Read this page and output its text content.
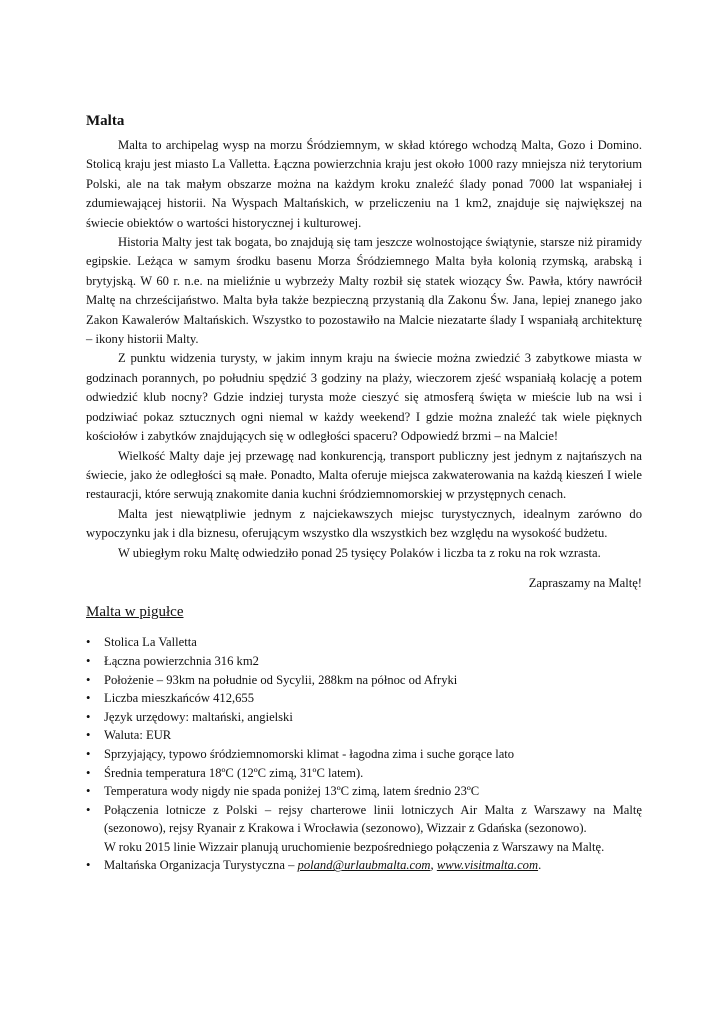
Malta

Malta to archipelag wysp na morzu Śródziemnym, w skład którego wchodzą Malta, Gozo i Domino. Stolicą kraju jest miasto La Valletta. Łączna powierzchnia kraju jest około 1000 razy mniejsza niż terytorium Polski, ale na tak małym obszarze można na każdym kroku znaleźć ślady ponad 7000 lat wspaniałej i zdumiewającej historii. Na Wyspach Maltańskich, w przeliczeniu na 1 km2, znajduje się największej na świecie obiektów o wartości historycznej i kulturowej.

Historia Malty jest tak bogata, bo znajdują się tam jeszcze wolnostojące świątynie, starsze niż piramidy egipskie. Leżąca w samym środku basenu Morza Śródziemnego Malta była kolonią rzymską, arabską i brytyjską. W 60 r. n.e. na mieliźnie u wybrzeży Malty rozbił się statek wiozący Św. Pawła, który nawrócił Maltę na chrześcijaństwo. Malta była także bezpieczną przystanią dla Zakonu Św. Jana, lepiej znanego jako Zakon Kawalerów Maltańskich. Wszystko to pozostawiło na Malcie niezatarte ślady I wspaniałą architekturę – ikony historii Malty.

Z punktu widzenia turysty, w jakim innym kraju na świecie można zwiedzić 3 zabytkowe miasta w godzinach porannych, po południu spędzić 3 godziny na plaży, wieczorem zjeść wspaniałą kolację a potem odwiedzić klub nocny? Gdzie indziej turysta może cieszyć się atmosferą święta w mieście lub na wsi i podziwiać pokaz sztucznych ogni niemal w każdy weekend? I gdzie można znaleźć tak wiele pięknych kościołów i zabytków znajdujących się w odległości spaceru? Odpowiedź brzmi – na Malcie!

Wielkość Malty daje jej przewagę nad konkurencją, transport publiczny jest jednym z najtańszych na świecie, jako że odległości są małe. Ponadto, Malta oferuje miejsca zakwaterowania na każdą kieszeń I wiele restauracji, które serwują znakomite dania kuchni śródziemnomorskiej w przystępnych cenach.

Malta jest niewątpliwie jednym z najciekawszych miejsc turystycznych, idealnym zarówno do wypoczynku jak i dla biznesu, oferującym wszystko dla wszystkich bez względu na wysokość budżetu.

W ubiegłym roku Maltę odwiedziło ponad 25 tysięcy Polaków i liczba ta z roku na rok wzrasta.

Zapraszamy na Maltę!

Malta w pigułce
• Stolica La Valletta
• Łączna powierzchnia 316 km2
• Położenie – 93km na południe od Sycylii, 288km na północ od Afryki
• Liczba mieszkańców 412,655
• Język urzędowy: maltański, angielski
• Waluta: EUR
• Sprzyjający, typowo śródziemnomorski klimat - łagodna zima i suche gorące lato
• Średnia temperatura 18ºC (12ºC zimą, 31ºC latem).
• Temperatura wody nigdy nie spada poniżej 13ºC zimą, latem średnio 23ºC
• Połączenia lotnicze z Polski – rejsy charterowe linii lotniczych Air Malta z Warszawy na Maltę (sezonowo), rejsy Ryanair z Krakowa i Wrocławia (sezonowo), Wizzair z Gdańska (sezonowo).
W roku 2015 linie Wizzair planują uruchomienie bezpośredniego połączenia z Warszawy na Maltę.
• Maltańska Organizacja Turystyczna – poland@urlaubmalta.com, www.visitmalta.com.
